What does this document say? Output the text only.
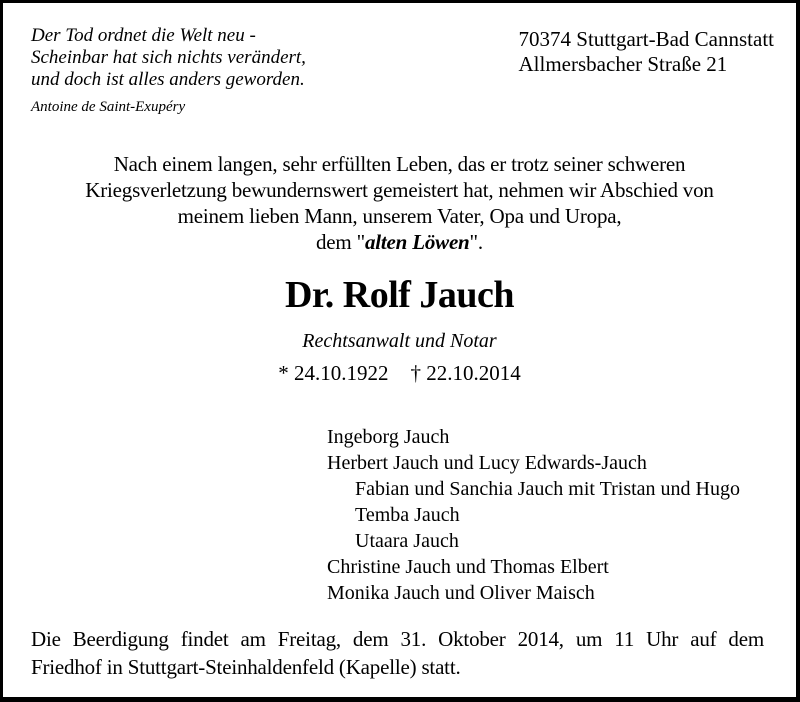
Der Tod ordnet die Welt neu -
Scheinbar hat sich nichts verändert,
und doch ist alles anders geworden.
Antoine de Saint-Exupéry
70374 Stuttgart-Bad Cannstatt
Allmersbacher Straße 21
Nach einem langen, sehr erfüllten Leben, das er trotz seiner schweren
Kriegsverletzung bewundernswert gemeistert hat, nehmen wir Abschied von
meinem lieben Mann, unserem Vater, Opa und Uropa,
dem "alten Löwen".
Dr. Rolf Jauch
Rechtsanwalt und Notar
* 24.10.1922 † 22.10.2014
Ingeborg Jauch
Herbert Jauch und Lucy Edwards-Jauch
Fabian und Sanchia Jauch mit Tristan und Hugo
Temba Jauch
Utaara Jauch
Christine Jauch und Thomas Elbert
Monika Jauch und Oliver Maisch
Die Beerdigung findet am Freitag, dem 31. Oktober 2014, um 11 Uhr auf dem
Friedhof in Stuttgart-Steinhaldenfeld (Kapelle) statt.
